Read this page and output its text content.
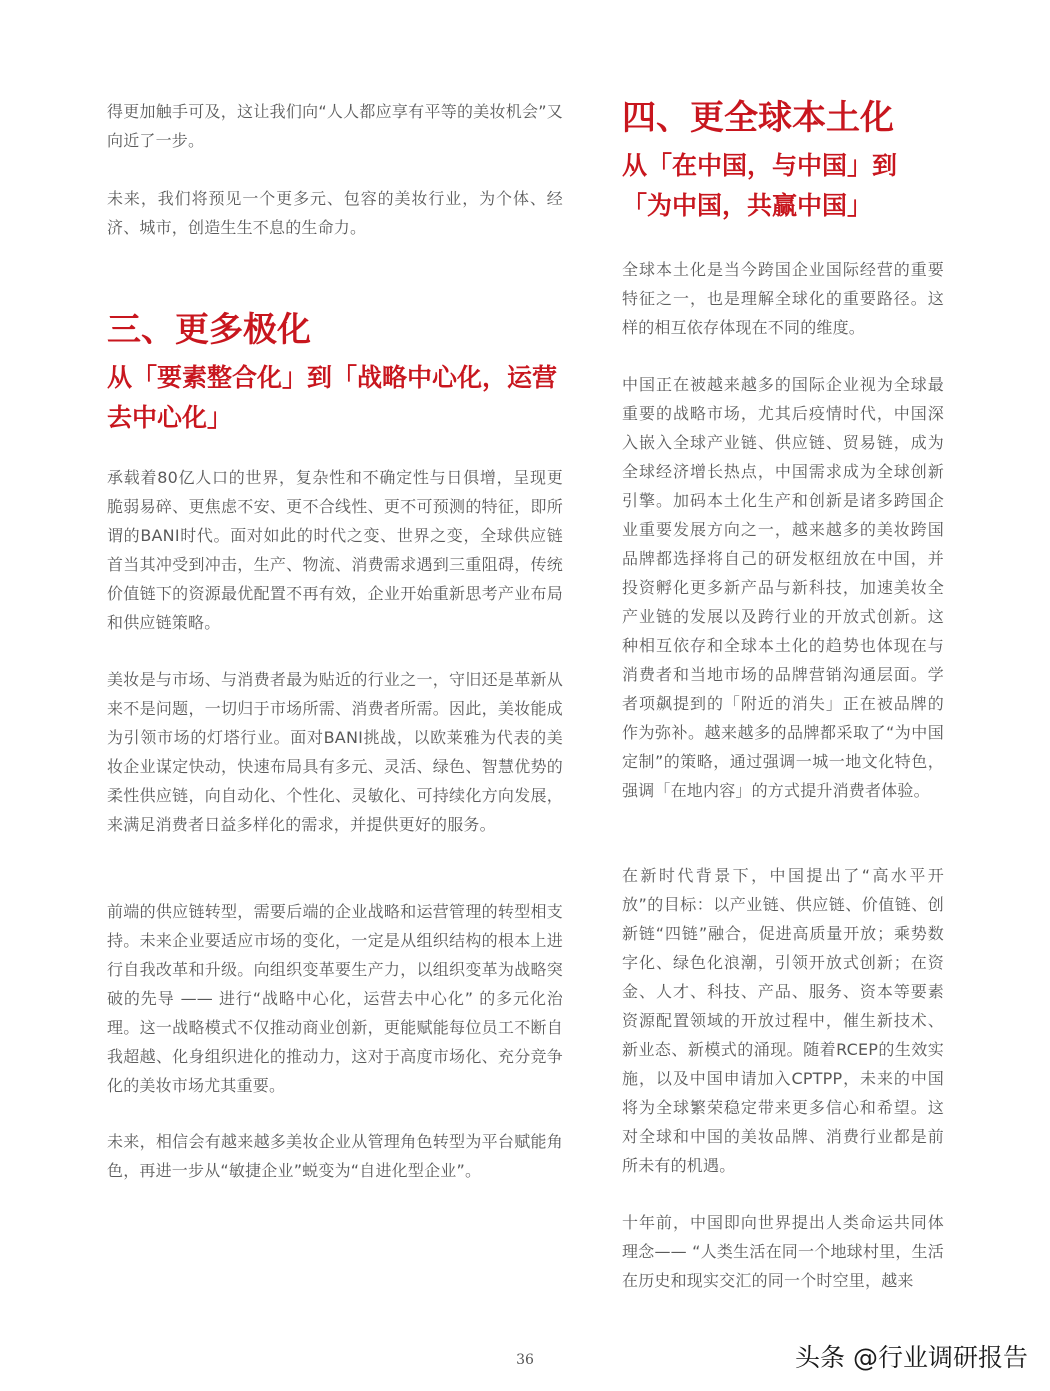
得更加触手可及，这让我们向“人人都应享有平等的美妆机会”又向近了一步。

未来，我们将预见一个更多元、包容的美妆行业，为个体、经济、城市，创造生生不息的生命力。

三、更多极化
从「要素整合化」到「战略中心化，运营去中心化」

承载着80亿人口的世界，复杂性和不确定性与日俱增，呈现更脆弱易碎、更焦虑不安、更不合线性、更不可预测的特征，即所谓的BANI时代。面对如此的时代之变、世界之变，全球供应链首当其冲受到冲击，生产、物流、消费需求遇到三重阻碍，传统价值链下的资源最优配置不再有效，企业开始重新思考产业布局和供应链策略。

美妆是与市场、与消费者最为贴近的行业之一，守旧还是革新从来不是问题，一切归于市场所需、消费者所需。因此，美妆能成为引领市场的灯塔行业。面对BANI挑战，以欧莱雅为代表的美妆企业谋定快动，快速布局具有多元、灵活、绿色、智慧优势的柔性供应链，向自动化、个性化、灵敏化、可持续化方向发展，来满足消费者日益多样化的需求，并提供更好的服务。

前端的供应链转型，需要后端的企业战略和运营管理的转型相支持。未来企业要适应市场的变化，一定是从组织结构的根本上进行自我改革和升级。向组织变革要生产力，以组织变革为战略突破的先导 —— 进行“战略中心化，运营去中心化” 的多元化治理。这一战略模式不仅推动商业创新，更能赋能每位员工不断自我超越、化身组织进化的推动力，这对于高度市场化、充分竞争化的美妆市场尤其重要。

未来，相信会有越来越多美妆企业从管理角色转型为平台赋能角色，再进一步从“敏捷企业”蜕变为“自进化型企业”。

四、更全球本土化
从「在中国，与中国」到「为中国，共赢中国」

全球本土化是当今跨国企业国际经营的重要特征之一，也是理解全球化的重要路径。这样的相互依存体现在不同的维度。

中国正在被越来越多的国际企业视为全球最重要的战略市场，尤其后疫情时代，中国深入嵌入全球产业链、供应链、贸易链，成为全球经济增长热点，中国需求成为全球创新引擎。加码本土化生产和创新是诸多跨国企业重要发展方向之一，越来越多的美妆跨国品牌都选择将自己的研发枢纽放在中国，并投资孵化更多新产品与新科技，加速美妆全产业链的发展以及跨行业的开放式创新。这种相互依存和全球本土化的趋势也体现在与消费者和当地市场的品牌营销沟通层面。学者项飙提到的「附近的消失」正在被品牌的作为弥补。越来越多的品牌都采取了“为中国定制”的策略，通过强调一城一地文化特色，强调「在地内容」的方式提升消费者体验。

在新时代背景下，中国提出了“高水平开放”的目标：以产业链、供应链、价值链、创新链“四链”融合，促进高质量开放；乘势数字化、绿色化浪潮，引领开放式创新；在资金、人才、科技、产品、服务、资本等要素资源配置领域的开放过程中，催生新技术、新业态、新模式的涌现。随着RCEP的生效实施，以及中国申请加入CPTPP，未来的中国将为全球繁荣稳定带来更多信心和希望。这对全球和中国的美妆品牌、消费行业都是前所未有的机遇。

十年前，中国即向世界提出人类命运共同体理念—— “人类生活在同一个地球村里，生活在历史和现实交汇的同一个时空里，越来

36	头条 @行业调研报告
